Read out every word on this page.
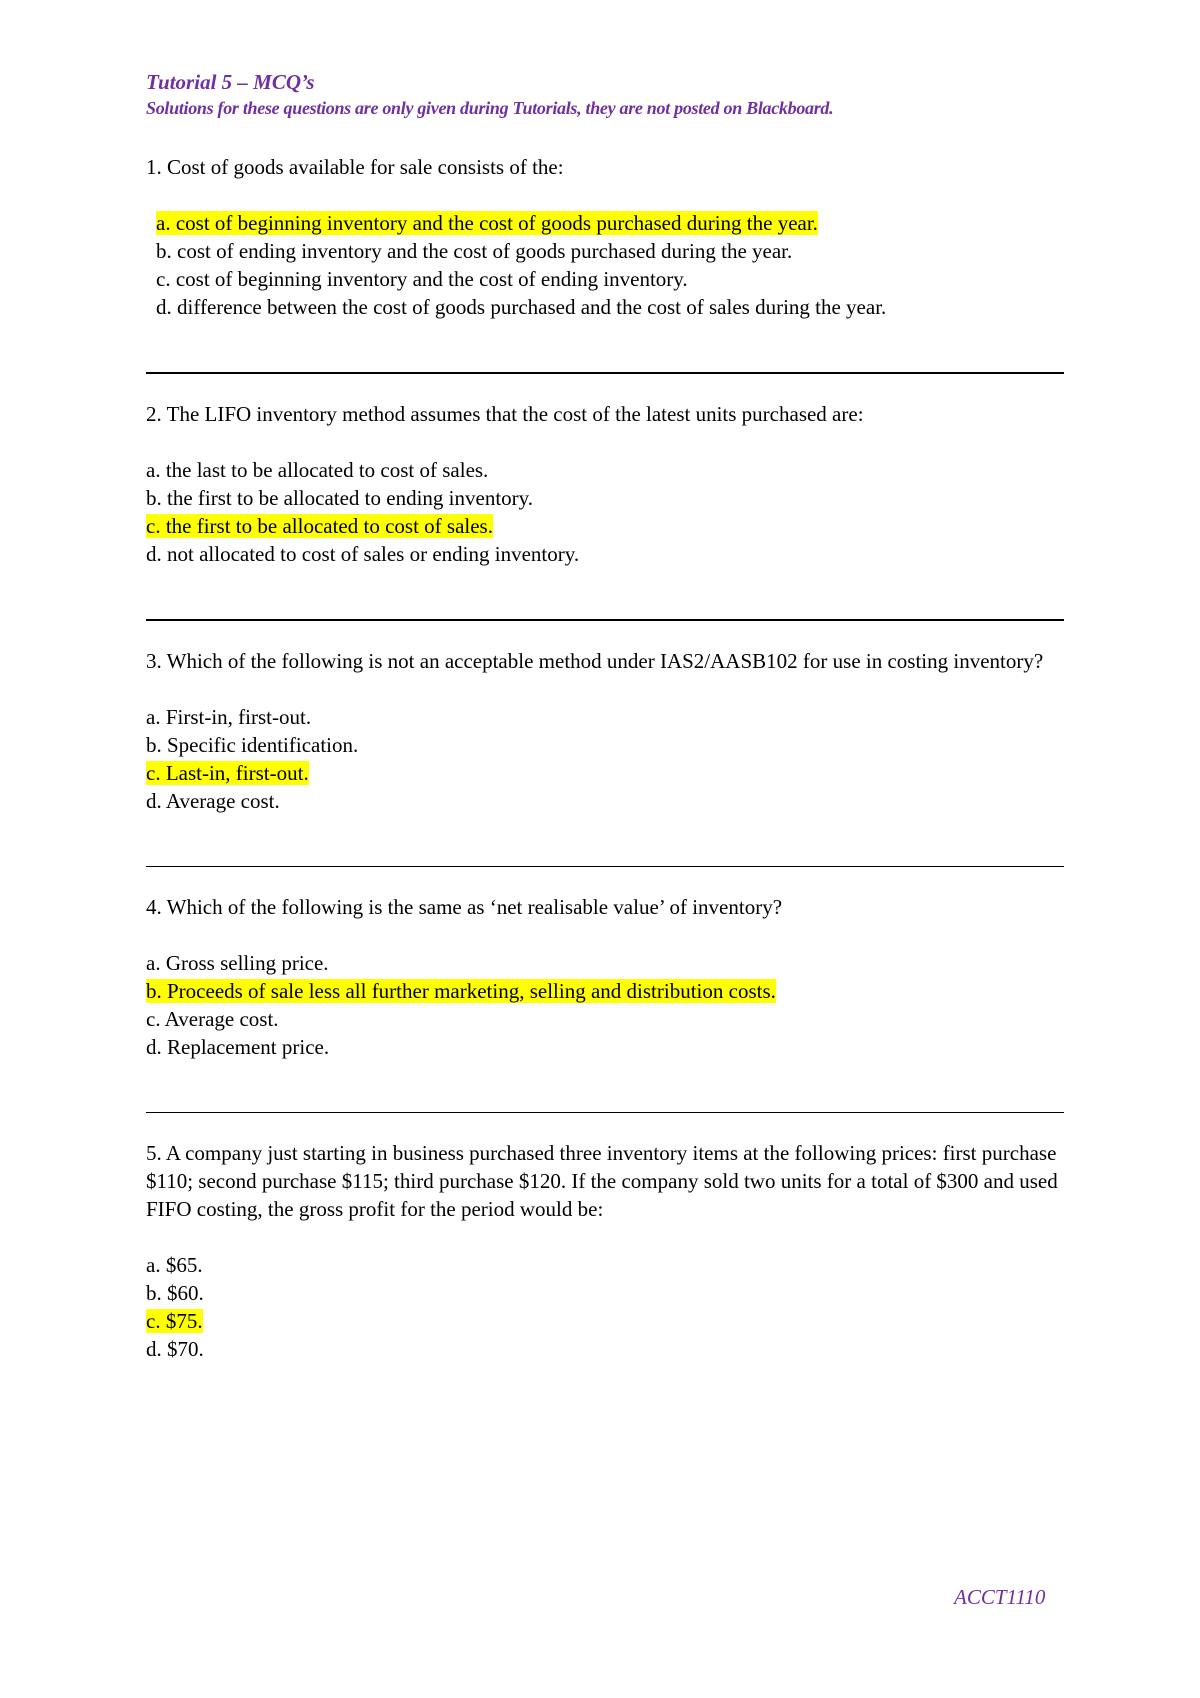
Tutorial 5 – MCQ’s

Solutions for these questions are only given during Tutorials, they are not posted on Blackboard.

1. Cost of goods available for sale consists of the:

a. cost of beginning inventory and the cost of goods purchased during the year.
b. cost of ending inventory and the cost of goods purchased during the year.
c. cost of beginning inventory and the cost of ending inventory.
d. difference between the cost of goods purchased and the cost of sales during the year.

2. The LIFO inventory method assumes that the cost of the latest units purchased are:

a. the last to be allocated to cost of sales.
b. the first to be allocated to ending inventory.
c. the first to be allocated to cost of sales.
d. not allocated to cost of sales or ending inventory.

3. Which of the following is not an acceptable method under IAS2/AASB102 for use in costing inventory?

a. First-in, first-out.
b. Specific identification.
c. Last-in, first-out.
d. Average cost.

4. Which of the following is the same as ‘net realisable value’ of inventory?

a. Gross selling price.
b. Proceeds of sale less all further marketing, selling and distribution costs.
c. Average cost.
d. Replacement price.

5. A company just starting in business purchased three inventory items at the following prices: first purchase $110; second purchase $115; third purchase $120. If the company sold two units for a total of $300 and used FIFO costing, the gross profit for the period would be:

a. $65.
b. $60.
c. $75.
d. $70.
ACCT1110
